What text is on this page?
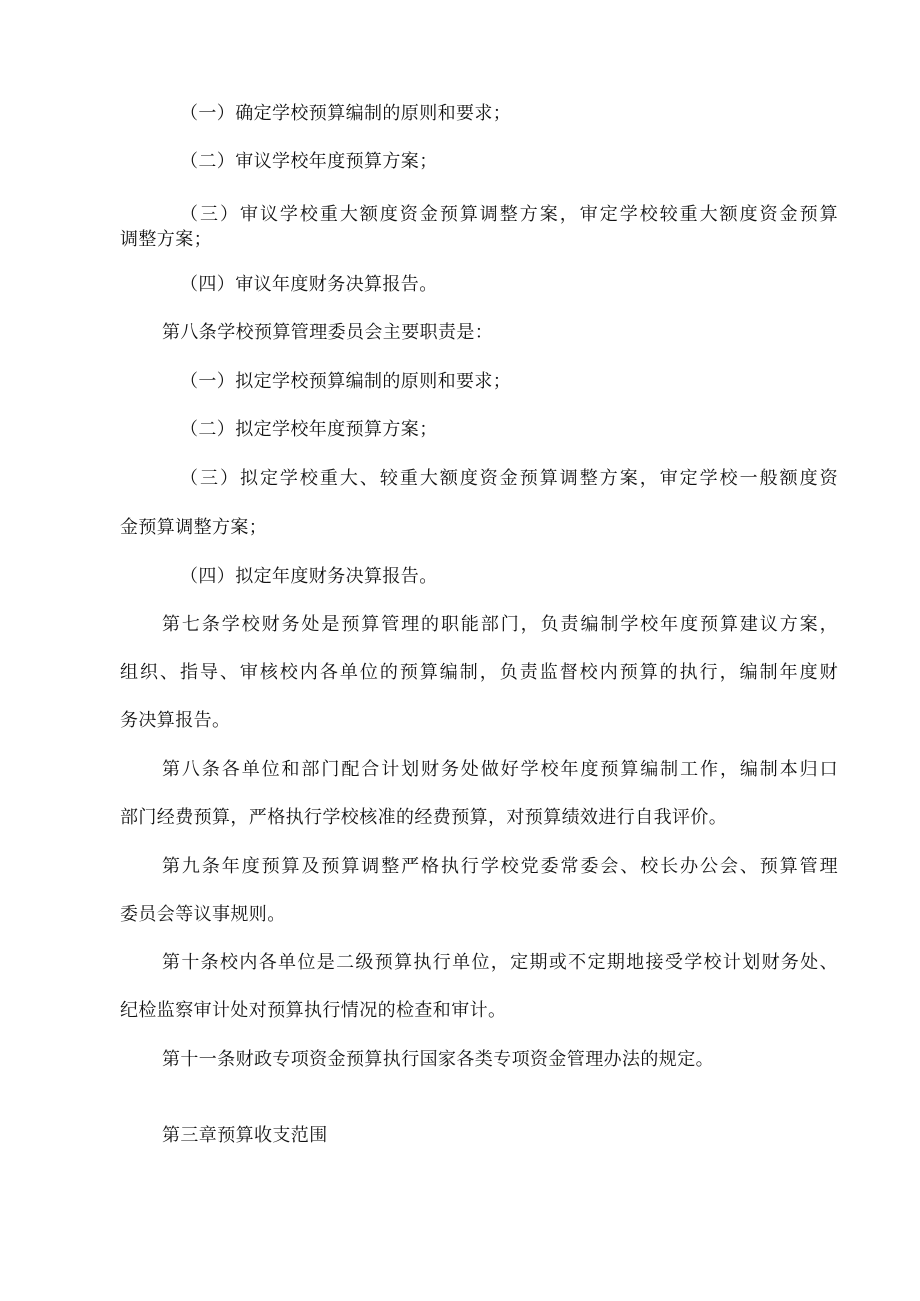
（一）确定学校预算编制的原则和要求；
（二）审议学校年度预算方案；
（三）审议学校重大额度资金预算调整方案，审定学校较重大额度资金预算
调整方案；
（四）审议年度财务决算报告。
第八条学校预算管理委员会主要职责是：
（一）拟定学校预算编制的原则和要求；
（二）拟定学校年度预算方案；
（三）拟定学校重大、较重大额度资金预算调整方案，审定学校一般额度资
金预算调整方案；
（四）拟定年度财务决算报告。
第七条学校财务处是预算管理的职能部门，负责编制学校年度预算建议方案，
组织、指导、审核校内各单位的预算编制，负责监督校内预算的执行，编制年度财
务决算报告。
第八条各单位和部门配合计划财务处做好学校年度预算编制工作，编制本归口
部门经费预算，严格执行学校核准的经费预算，对预算绩效进行自我评价。
第九条年度预算及预算调整严格执行学校党委常委会、校长办公会、预算管理
委员会等议事规则。
第十条校内各单位是二级预算执行单位，定期或不定期地接受学校计划财务处、
纪检监察审计处对预算执行情况的检查和审计。
第十一条财政专项资金预算执行国家各类专项资金管理办法的规定。
第三章预算收支范围
